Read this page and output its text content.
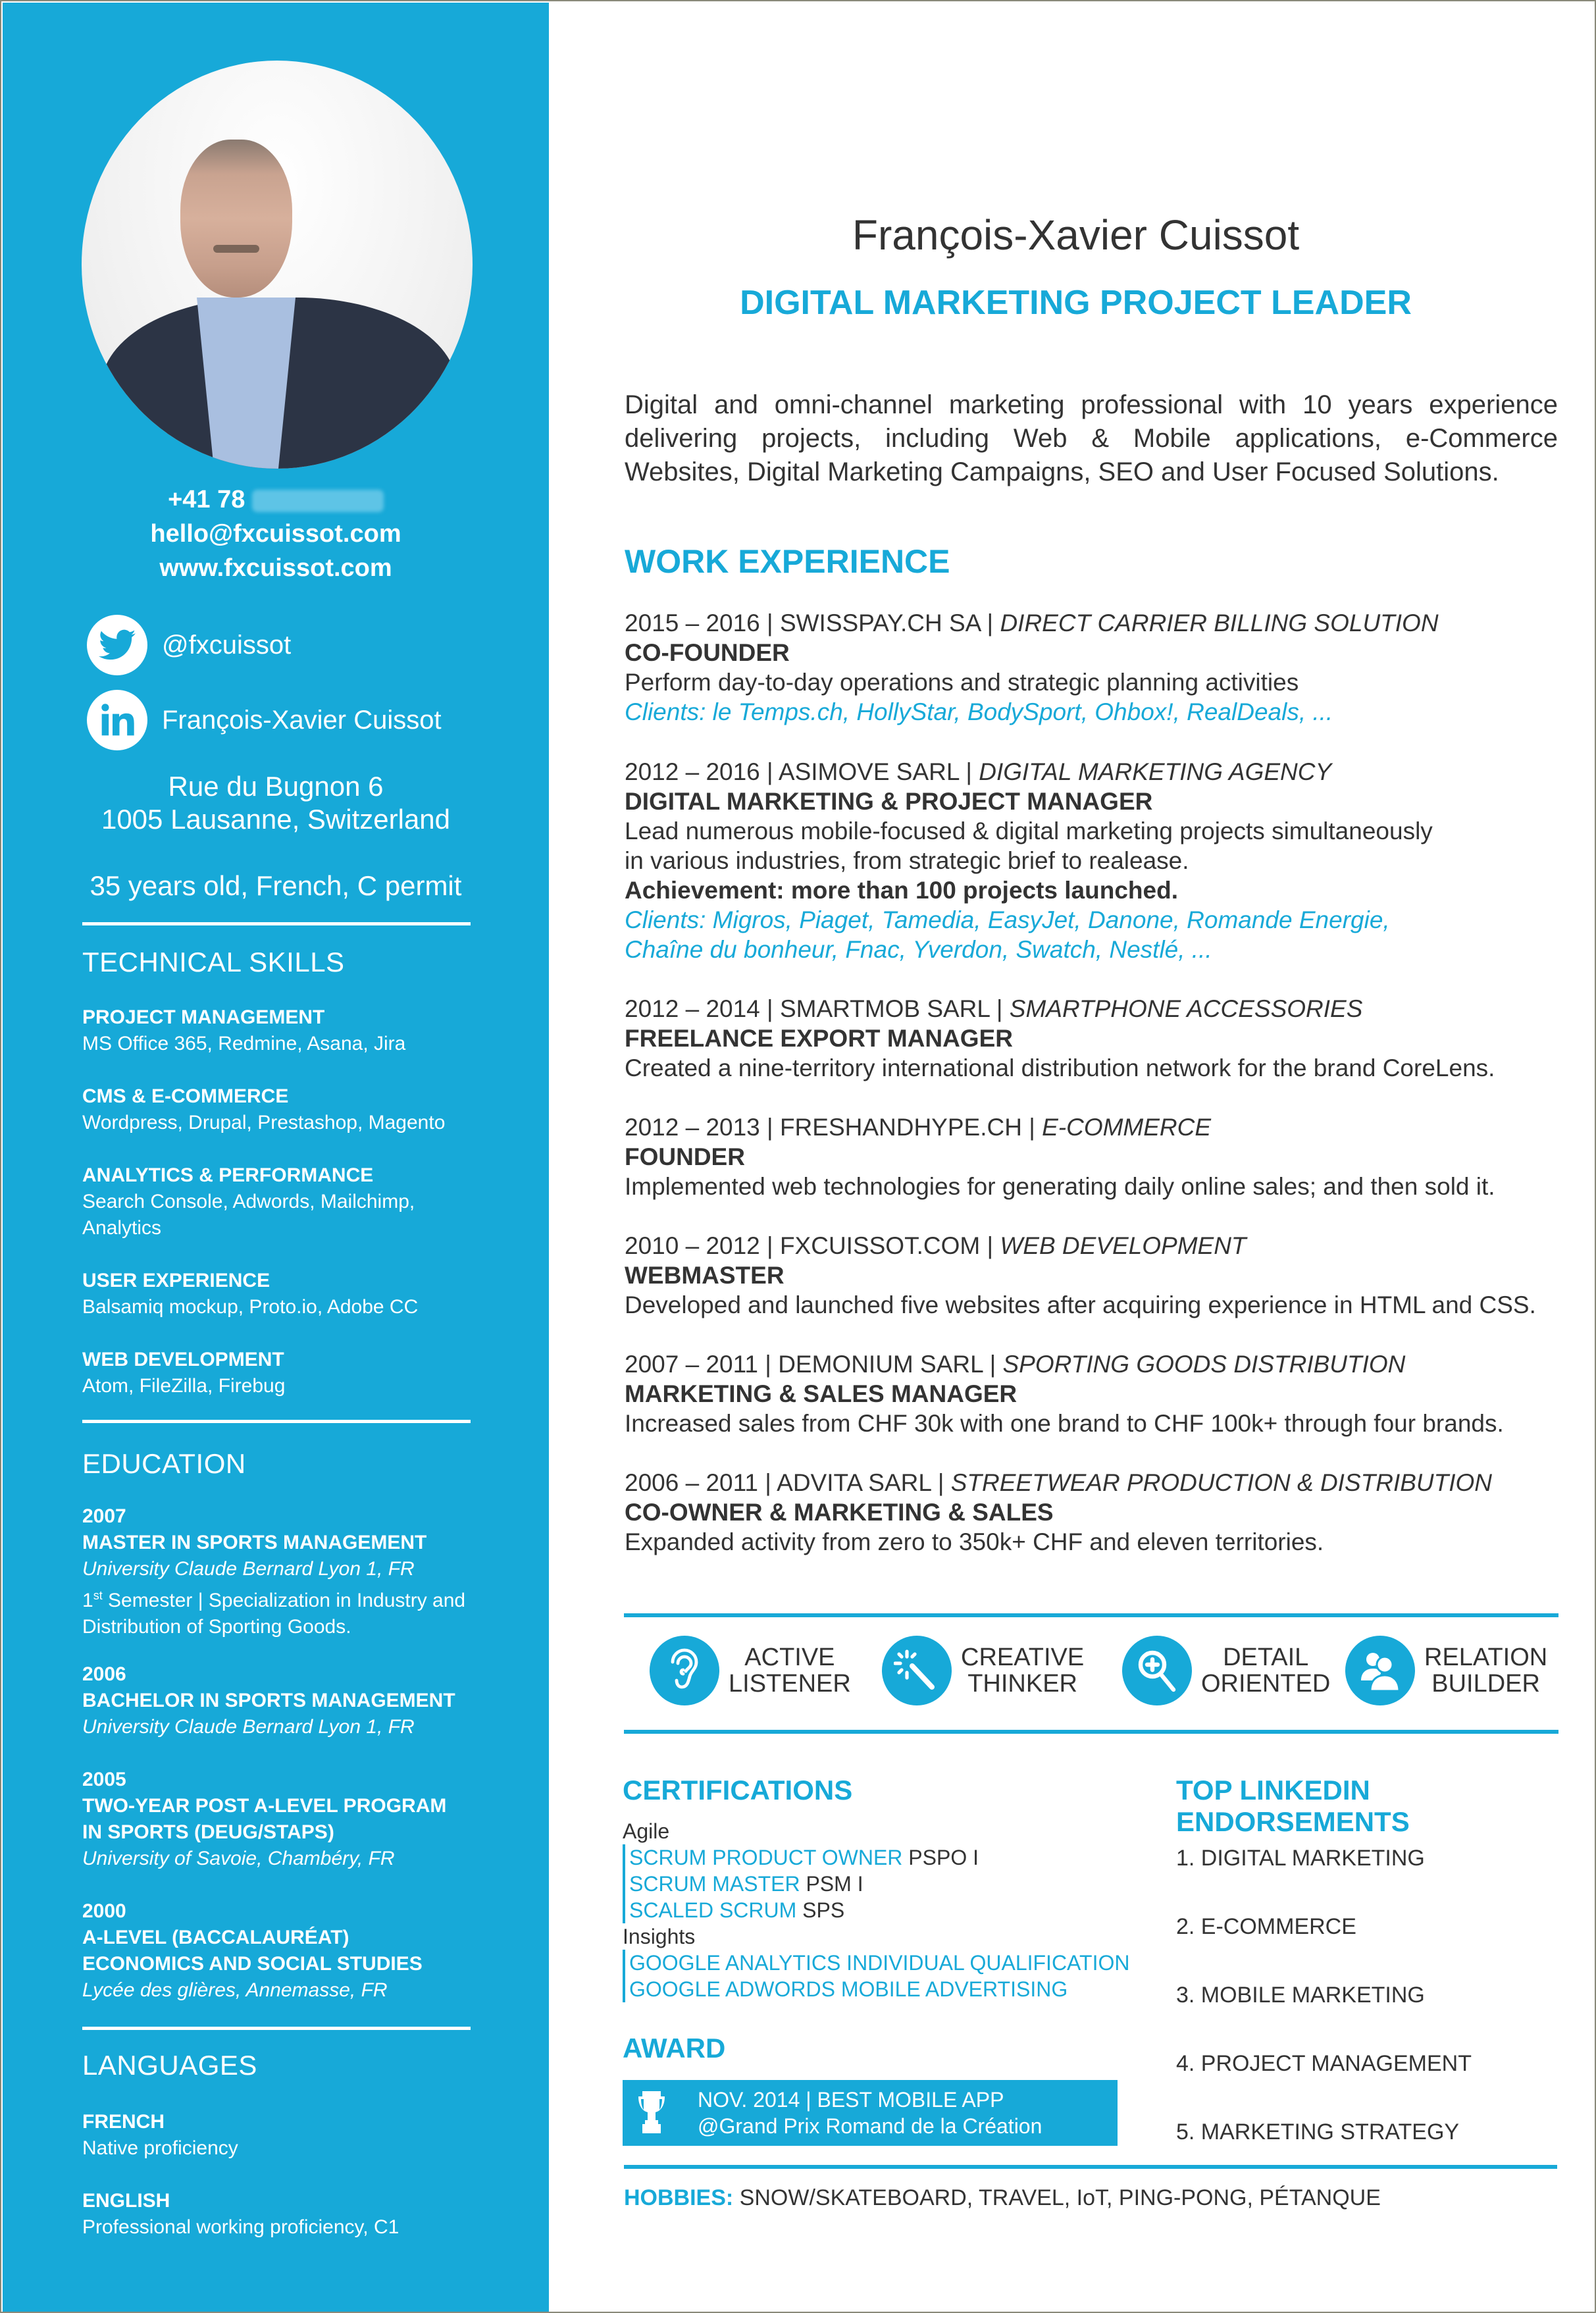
+41 78
hello@fxcuissot.com
www.fxcuissot.com
@fxcuissot
François-Xavier Cuissot
Rue du Bugnon 6
1005 Lausanne, Switzerland
35 years old, French, C permit
TECHNICAL SKILLS
PROJECT MANAGEMENT
MS Office 365, Redmine, Asana, Jira
CMS & E-COMMERCE
Wordpress, Drupal, Prestashop, Magento
ANALYTICS & PERFORMANCE
Search Console, Adwords, Mailchimp, Analytics
USER EXPERIENCE
Balsamiq mockup, Proto.io, Adobe CC
WEB DEVELOPMENT
Atom, FileZilla, Firebug
EDUCATION
2007
MASTER IN SPORTS MANAGEMENT
University Claude Bernard Lyon 1, FR
1st Semester | Specialization in Industry and Distribution of Sporting Goods.
2006
BACHELOR IN SPORTS MANAGEMENT
University Claude Bernard Lyon 1, FR
2005
TWO-YEAR POST A-LEVEL PROGRAM IN SPORTS (DEUG/STAPS)
University of Savoie, Chambéry, FR
2000
A-LEVEL (BACCALAURÉAT) ECONOMICS AND SOCIAL STUDIES
Lycée des glières, Annemasse, FR
LANGUAGES
FRENCH
Native proficiency
ENGLISH
Professional working proficiency, C1
François-Xavier Cuissot
DIGITAL MARKETING PROJECT LEADER
Digital and omni-channel marketing professional with 10 years experience delivering projects, including Web & Mobile applications, e-Commerce Websites, Digital Marketing Campaigns, SEO and User Focused Solutions.
WORK EXPERIENCE
2015 – 2016 | SWISSPAY.CH SA | DIRECT CARRIER BILLING SOLUTION
CO-FOUNDER
Perform day-to-day operations and strategic planning activities
Clients: le Temps.ch, HollyStar, BodySport, Ohbox!, RealDeals, ...
2012 – 2016 | ASIMOVE SARL | DIGITAL MARKETING AGENCY
DIGITAL MARKETING & PROJECT MANAGER
Lead numerous mobile-focused & digital marketing projects simultaneously
in various industries, from strategic brief to realease.
Achievement: more than 100 projects launched.
Clients: Migros, Piaget, Tamedia, EasyJet, Danone, Romande Energie,
Chaîne du bonheur, Fnac, Yverdon, Swatch, Nestlé, ...
2012 – 2014 | SMARTMOB SARL | SMARTPHONE ACCESSORIES
FREELANCE EXPORT MANAGER
Created a nine-territory international distribution network for the brand CoreLens.
2012 – 2013 | FRESHANDHYPE.CH | E-COMMERCE
FOUNDER
Implemented web technologies for generating daily online sales; and then sold it.
2010 – 2012 | FXCUISSOT.COM | WEB DEVELOPMENT
WEBMASTER
Developed and launched five websites after acquiring experience in HTML and CSS.
2007 – 2011 | DEMONIUM SARL | SPORTING GOODS DISTRIBUTION
MARKETING & SALES MANAGER
Increased sales from CHF 30k with one brand to CHF 100k+ through four brands.
2006 – 2011 | ADVITA SARL | STREETWEAR PRODUCTION & DISTRIBUTION
CO-OWNER & MARKETING & SALES
Expanded activity from zero to 350k+ CHF and eleven territories.
ACTIVE
LISTENER
CREATIVE
THINKER
DETAIL
ORIENTED
RELATION
BUILDER
CERTIFICATIONS
Agile
SCRUM PRODUCT OWNER PSPO I
SCRUM MASTER PSM I
SCALED SCRUM SPS
Insights
GOOGLE ANALYTICS INDIVIDUAL QUALIFICATION
GOOGLE ADWORDS MOBILE ADVERTISING
AWARD
NOV. 2014 | BEST MOBILE APP
@Grand Prix Romand de la Création
TOP LINKEDIN ENDORSEMENTS
1. DIGITAL MARKETING
2. E-COMMERCE
3. MOBILE MARKETING
4. PROJECT MANAGEMENT
5. MARKETING STRATEGY
HOBBIES: SNOW/SKATEBOARD, TRAVEL, IoT, PING-PONG, PÉTANQUE
